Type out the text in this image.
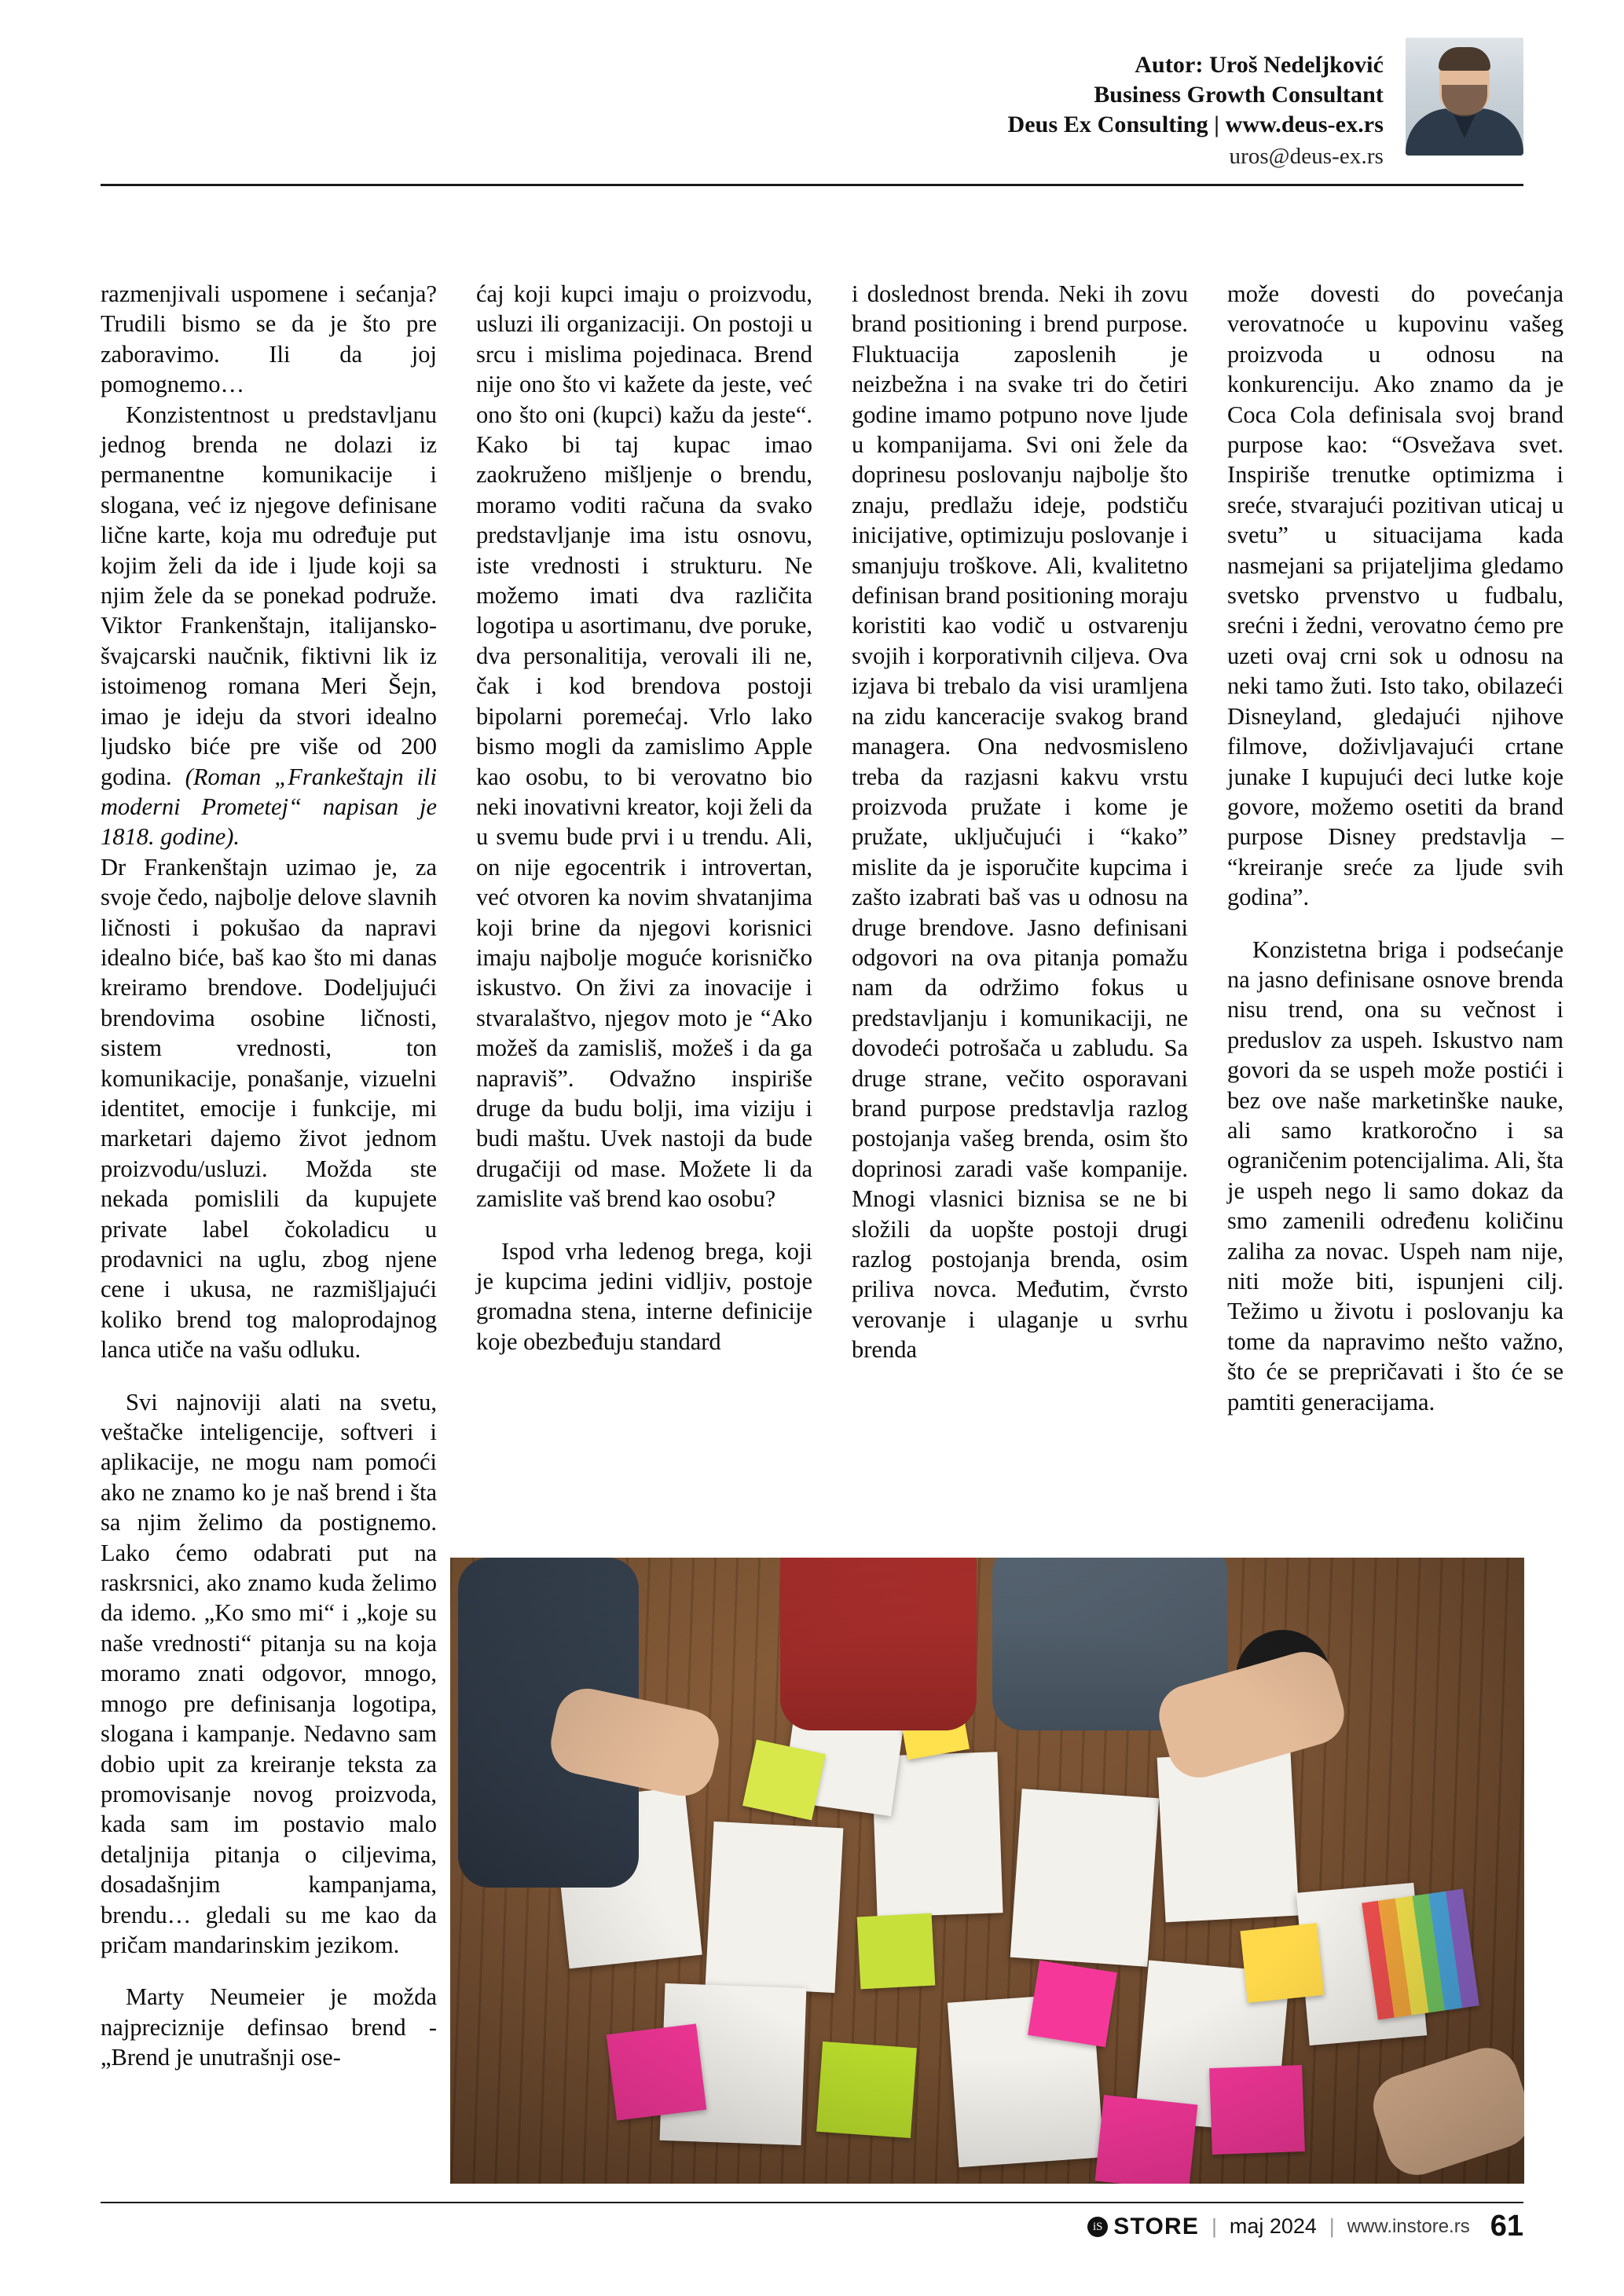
Autor: Uroš Nedeljković
Business Growth Consultant
Deus Ex Consulting | www.deus-ex.rs
uros@deus-ex.rs

razmenjivali uspomene i sećanja? Trudili bismo se da je što pre zaboravimo. Ili da joj pomognemo…

Konzistentnost u predstavljanu jednog brenda ne dolazi iz permanentne komunikacije i slogana, već iz njegove definisane lične karte, koja mu određuje put kojim želi da ide i ljude koji sa njim žele da se ponekad podruže. Viktor Frankenštajn, italijansko-švajcarski naučnik, fiktivni lik iz istoimenog romana Meri Šejn, imao je ideju da stvori idealno ljudsko biće pre više od 200 godina. (Roman „Frankeštajn ili moderni Prometej“ napisan je 1818. godine).

Dr Frankenštajn uzimao je, za svoje čedo, najbolje delove slavnih ličnosti i pokušao da napravi idealno biće, baš kao što mi danas kreiramo brendove. Dodeljujući brendovima osobine ličnosti, sistem vrednosti, ton komunikacije, ponašanje, vizuelni identitet, emocije i funkcije, mi marketari dajemo život jednom proizvodu/usluzi. Možda ste nekada pomislili da kupujete private label čokoladicu u prodavnici na uglu, zbog njene cene i ukusa, ne razmišljajući koliko brend tog maloprodajnog lanca utiče na vašu odluku.

Svi najnoviji alati na svetu, veštačke inteligencije, softveri i aplikacije, ne mogu nam pomoći ako ne znamo ko je naš brend i šta sa njim želimo da postignemo. Lako ćemo odabrati put na raskrsnici, ako znamo kuda želimo da idemo. „Ko smo mi“ i „koje su naše vrednosti“ pitanja su na koja moramo znati odgovor, mnogo, mnogo pre definisanja logotipa, slogana i kampanje. Nedavno sam dobio upit za kreiranje teksta za promovisanje novog proizvoda, kada sam im postavio malo detaljnija pitanja o ciljevima, dosadašnjim kampanjama, brendu… gledali su me kao da pričam mandarinskim jezikom.

Marty Neumeier je možda najpreciznije definsao brend - „Brend je unutrašnji ose-

ćaj koji kupci imaju o proizvodu, usluzi ili organizaciji. On postoji u srcu i mislima pojedinaca. Brend nije ono što vi kažete da jeste, već ono što oni (kupci) kažu da jeste“. Kako bi taj kupac imao zaokruženo mišljenje o brendu, moramo voditi računa da svako predstavljanje ima istu osnovu, iste vrednosti i strukturu. Ne možemo imati dva različita logotipa u asortimanu, dve poruke, dva personalitija, verovali ili ne, čak i kod brendova postoji bipolarni poremećaj. Vrlo lako bismo mogli da zamislimo Apple kao osobu, to bi verovatno bio neki inovativni kreator, koji želi da u svemu bude prvi i u trendu. Ali, on nije egocentrik i introvertan, već otvoren ka novim shvatanjima koji brine da njegovi korisnici imaju najbolje moguće korisničko iskustvo. On živi za inovacije i stvaralaštvo, njegov moto je “Ako možeš da zamisliš, možeš i da ga napraviš”. Odvažno inspiriše druge da budu bolji, ima viziju i budi maštu. Uvek nastoji da bude drugačiji od mase. Možete li da zamislite vaš brend kao osobu?

Ispod vrha ledenog brega, koji je kupcima jedini vidljiv, postoje gromadna stena, interne definicije koje obezbeđuju standard

i doslednost brenda. Neki ih zovu brand positioning i brend purpose. Fluktuacija zaposlenih je neizbežna i na svake tri do četiri godine imamo potpuno nove ljude u kompanijama. Svi oni žele da doprinesu poslovanju najbolje što znaju, predlažu ideje, podstiču inicijative, optimizuju poslovanje i smanjuju troškove. Ali, kvalitetno definisan brand positioning moraju koristiti kao vodič u ostvarenju svojih i korporativnih ciljeva. Ova izjava bi trebalo da visi uramljena na zidu kanceracije svakog brand managera. Ona nedvosmisleno treba da razjasni kakvu vrstu proizvoda pružate i kome je pružate, uključujući i “kako” mislite da je isporučite kupcima i zašto izabrati baš vas u odnosu na druge brendove. Jasno definisani odgovori na ova pitanja pomažu nam da održimo fokus u predstavljanju i komunikaciji, ne dovodeći potrošača u zabludu. Sa druge strane, večito osporavani brand purpose predstavlja razlog postojanja vašeg brenda, osim što doprinosi zaradi vaše kompanije. Mnogi vlasnici biznisa se ne bi složili da uopšte postoji drugi razlog postojanja brenda, osim priliva novca. Međutim, čvrsto verovanje i ulaganje u svrhu brenda

može dovesti do povećanja verovatnoće u kupovinu vašeg proizvoda u odnosu na konkurenciju. Ako znamo da je Coca Cola definisala svoj brand purpose kao: “Osvežava svet. Inspiriše trenutke optimizma i sreće, stvarajući pozitivan uticaj u svetu” u situacijama kada nasmejani sa prijateljima gledamo svetsko prvenstvo u fudbalu, srećni i žedni, verovatno ćemo pre uzeti ovaj crni sok u odnosu na neki tamo žuti. Isto tako, obilazeći Disneyland, gledajući njihove filmove, doživljavajući crtane junake I kupujući deci lutke koje govore, možemo osetiti da brand purpose Disney predstavlja – “kreiranje sreće za ljude svih godina”.

Konzistetna briga i podsećanje na jasno definisane osnove brenda nisu trend, ona su večnost i preduslov za uspeh. Iskustvo nam govori da se uspeh može postići i bez ove naše marketinške nauke, ali samo kratkoročno i sa ograničenim potencijalima. Ali, šta je uspeh nego li samo dokaz da smo zamenili određenu količinu zaliha za novac. Uspeh nam nije, niti može biti, ispunjeni cilj. Težimo u životu i poslovanju ka tome da napravimo nešto važno, što će se prepričavati i što će se pamtiti generacijama.

iS STORE | maj 2024 | www.instore.rs 61
